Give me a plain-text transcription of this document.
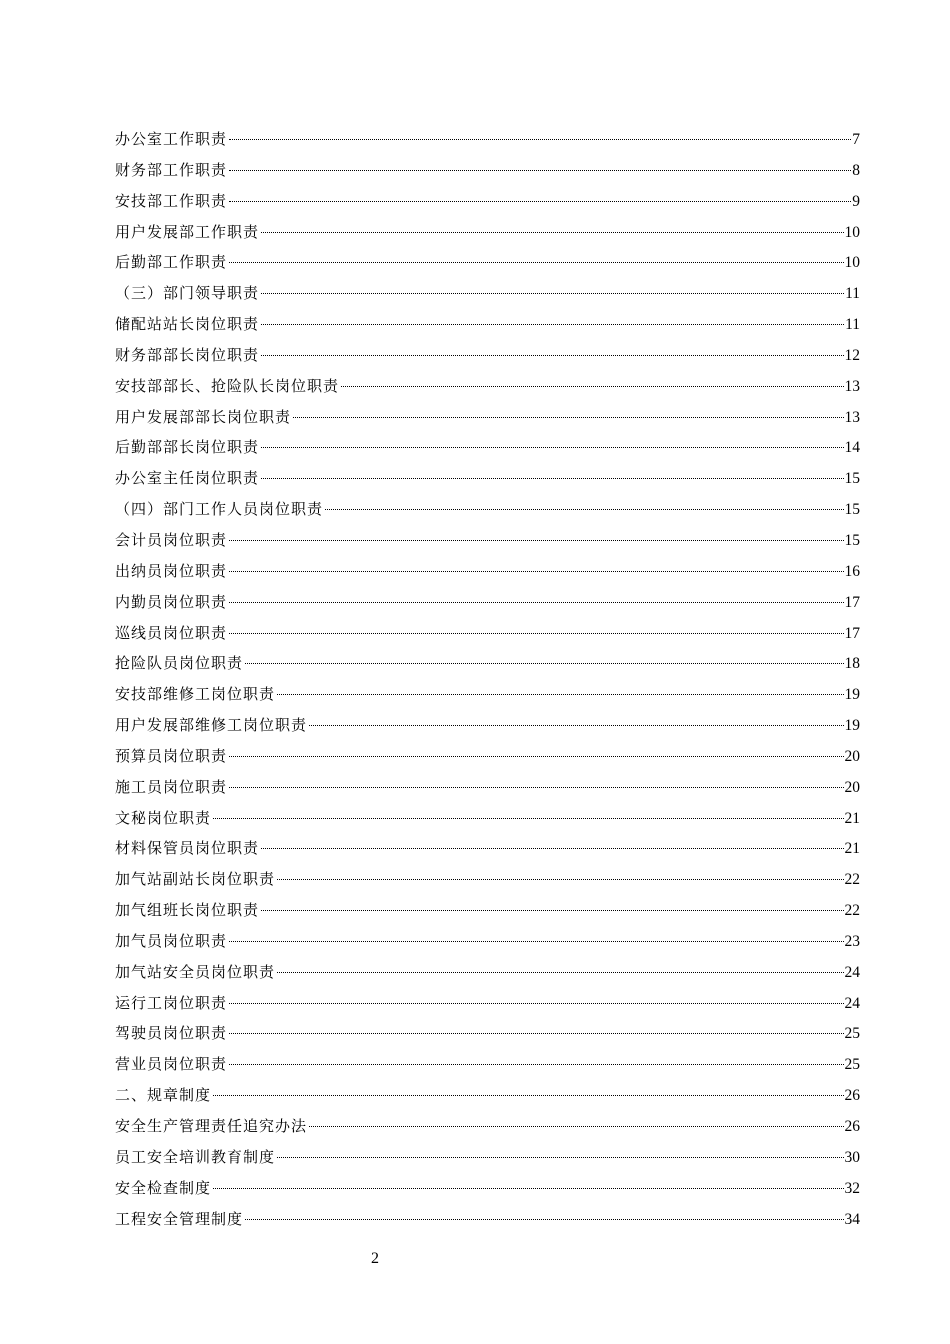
办公室工作职责	7
财务部工作职责	8
安技部工作职责	9
用户发展部工作职责	10
后勤部工作职责	10
（三）部门领导职责	11
储配站站长岗位职责	11
财务部部长岗位职责	12
安技部部长、抢险队长岗位职责	13
用户发展部部长岗位职责	13
后勤部部长岗位职责	14
办公室主任岗位职责	15
（四）部门工作人员岗位职责	15
会计员岗位职责	15
出纳员岗位职责	16
内勤员岗位职责	17
巡线员岗位职责	17
抢险队员岗位职责	18
安技部维修工岗位职责	19
用户发展部维修工岗位职责	19
预算员岗位职责	20
施工员岗位职责	20
文秘岗位职责	21
材料保管员岗位职责	21
加气站副站长岗位职责	22
加气组班长岗位职责	22
加气员岗位职责	23
加气站安全员岗位职责	24
运行工岗位职责	24
驾驶员岗位职责	25
营业员岗位职责	25
二、规章制度	26
安全生产管理责任追究办法	26
员工安全培训教育制度	30
安全检查制度	32
工程安全管理制度	34
2
